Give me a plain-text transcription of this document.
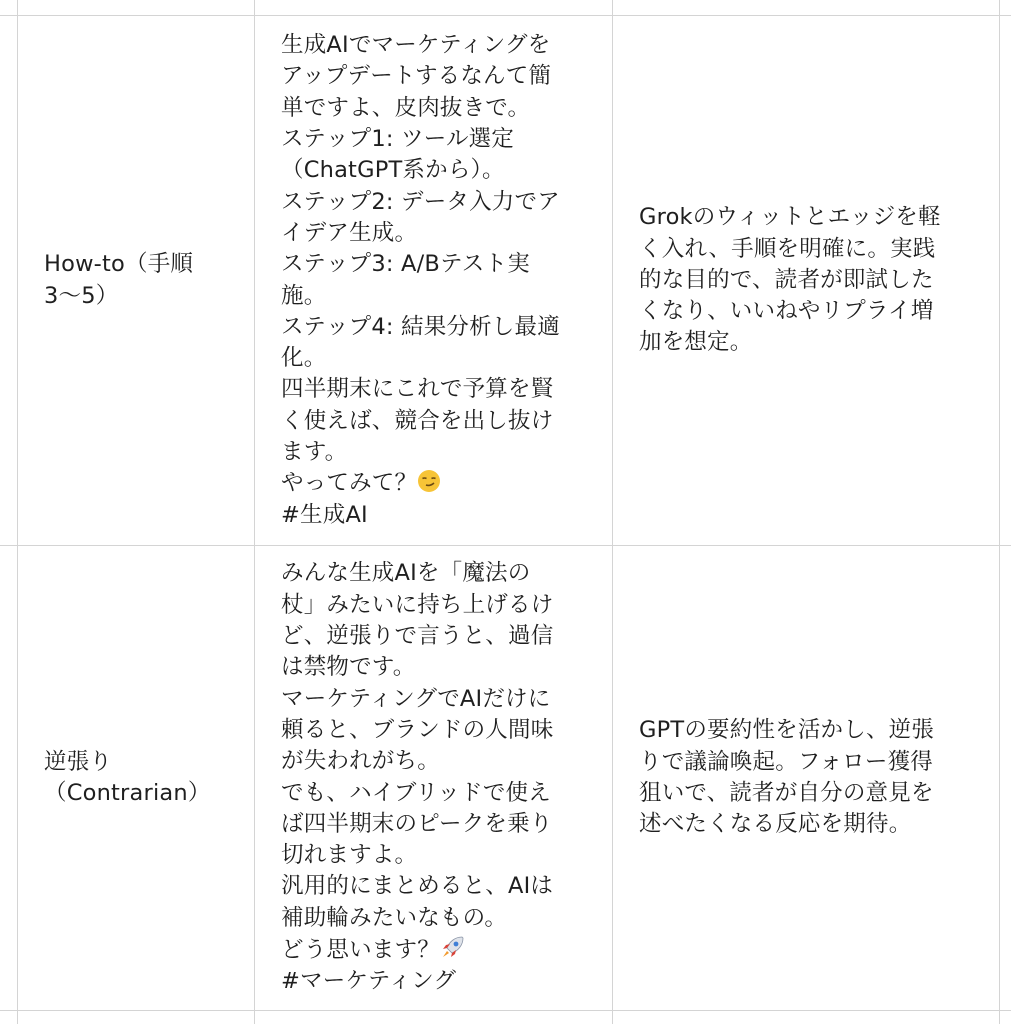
How-to（手順
3〜5）

生成AIでマーケティングを
アップデートするなんて簡
単ですよ、皮肉抜きで。
ステップ1: ツール選定
（ChatGPT系から）。
ステップ2: データ入力でア
イデア生成。
ステップ3: A/Bテスト実
施。
ステップ4: 結果分析し最適
化。
四半期末にこれで予算を賢
く使えば、競合を出し抜け
ます。
やってみて？
#生成AI

Grokのウィットとエッジを軽
く入れ、手順を明確に。実践
的な目的で、読者が即試した
くなり、いいねやリプライ増
加を想定。

逆張り
（Contrarian）

みんな生成AIを「魔法の
杖」みたいに持ち上げるけ
ど、逆張りで言うと、過信
は禁物です。
マーケティングでAIだけに
頼ると、ブランドの人間味
が失われがち。
でも、ハイブリッドで使え
ば四半期末のピークを乗り
切れますよ。
汎用的にまとめると、AIは
補助輪みたいなもの。
どう思います？
#マーケティング

GPTの要約性を活かし、逆張
りで議論喚起。フォロー獲得
狙いで、読者が自分の意見を
述べたくなる反応を期待。
